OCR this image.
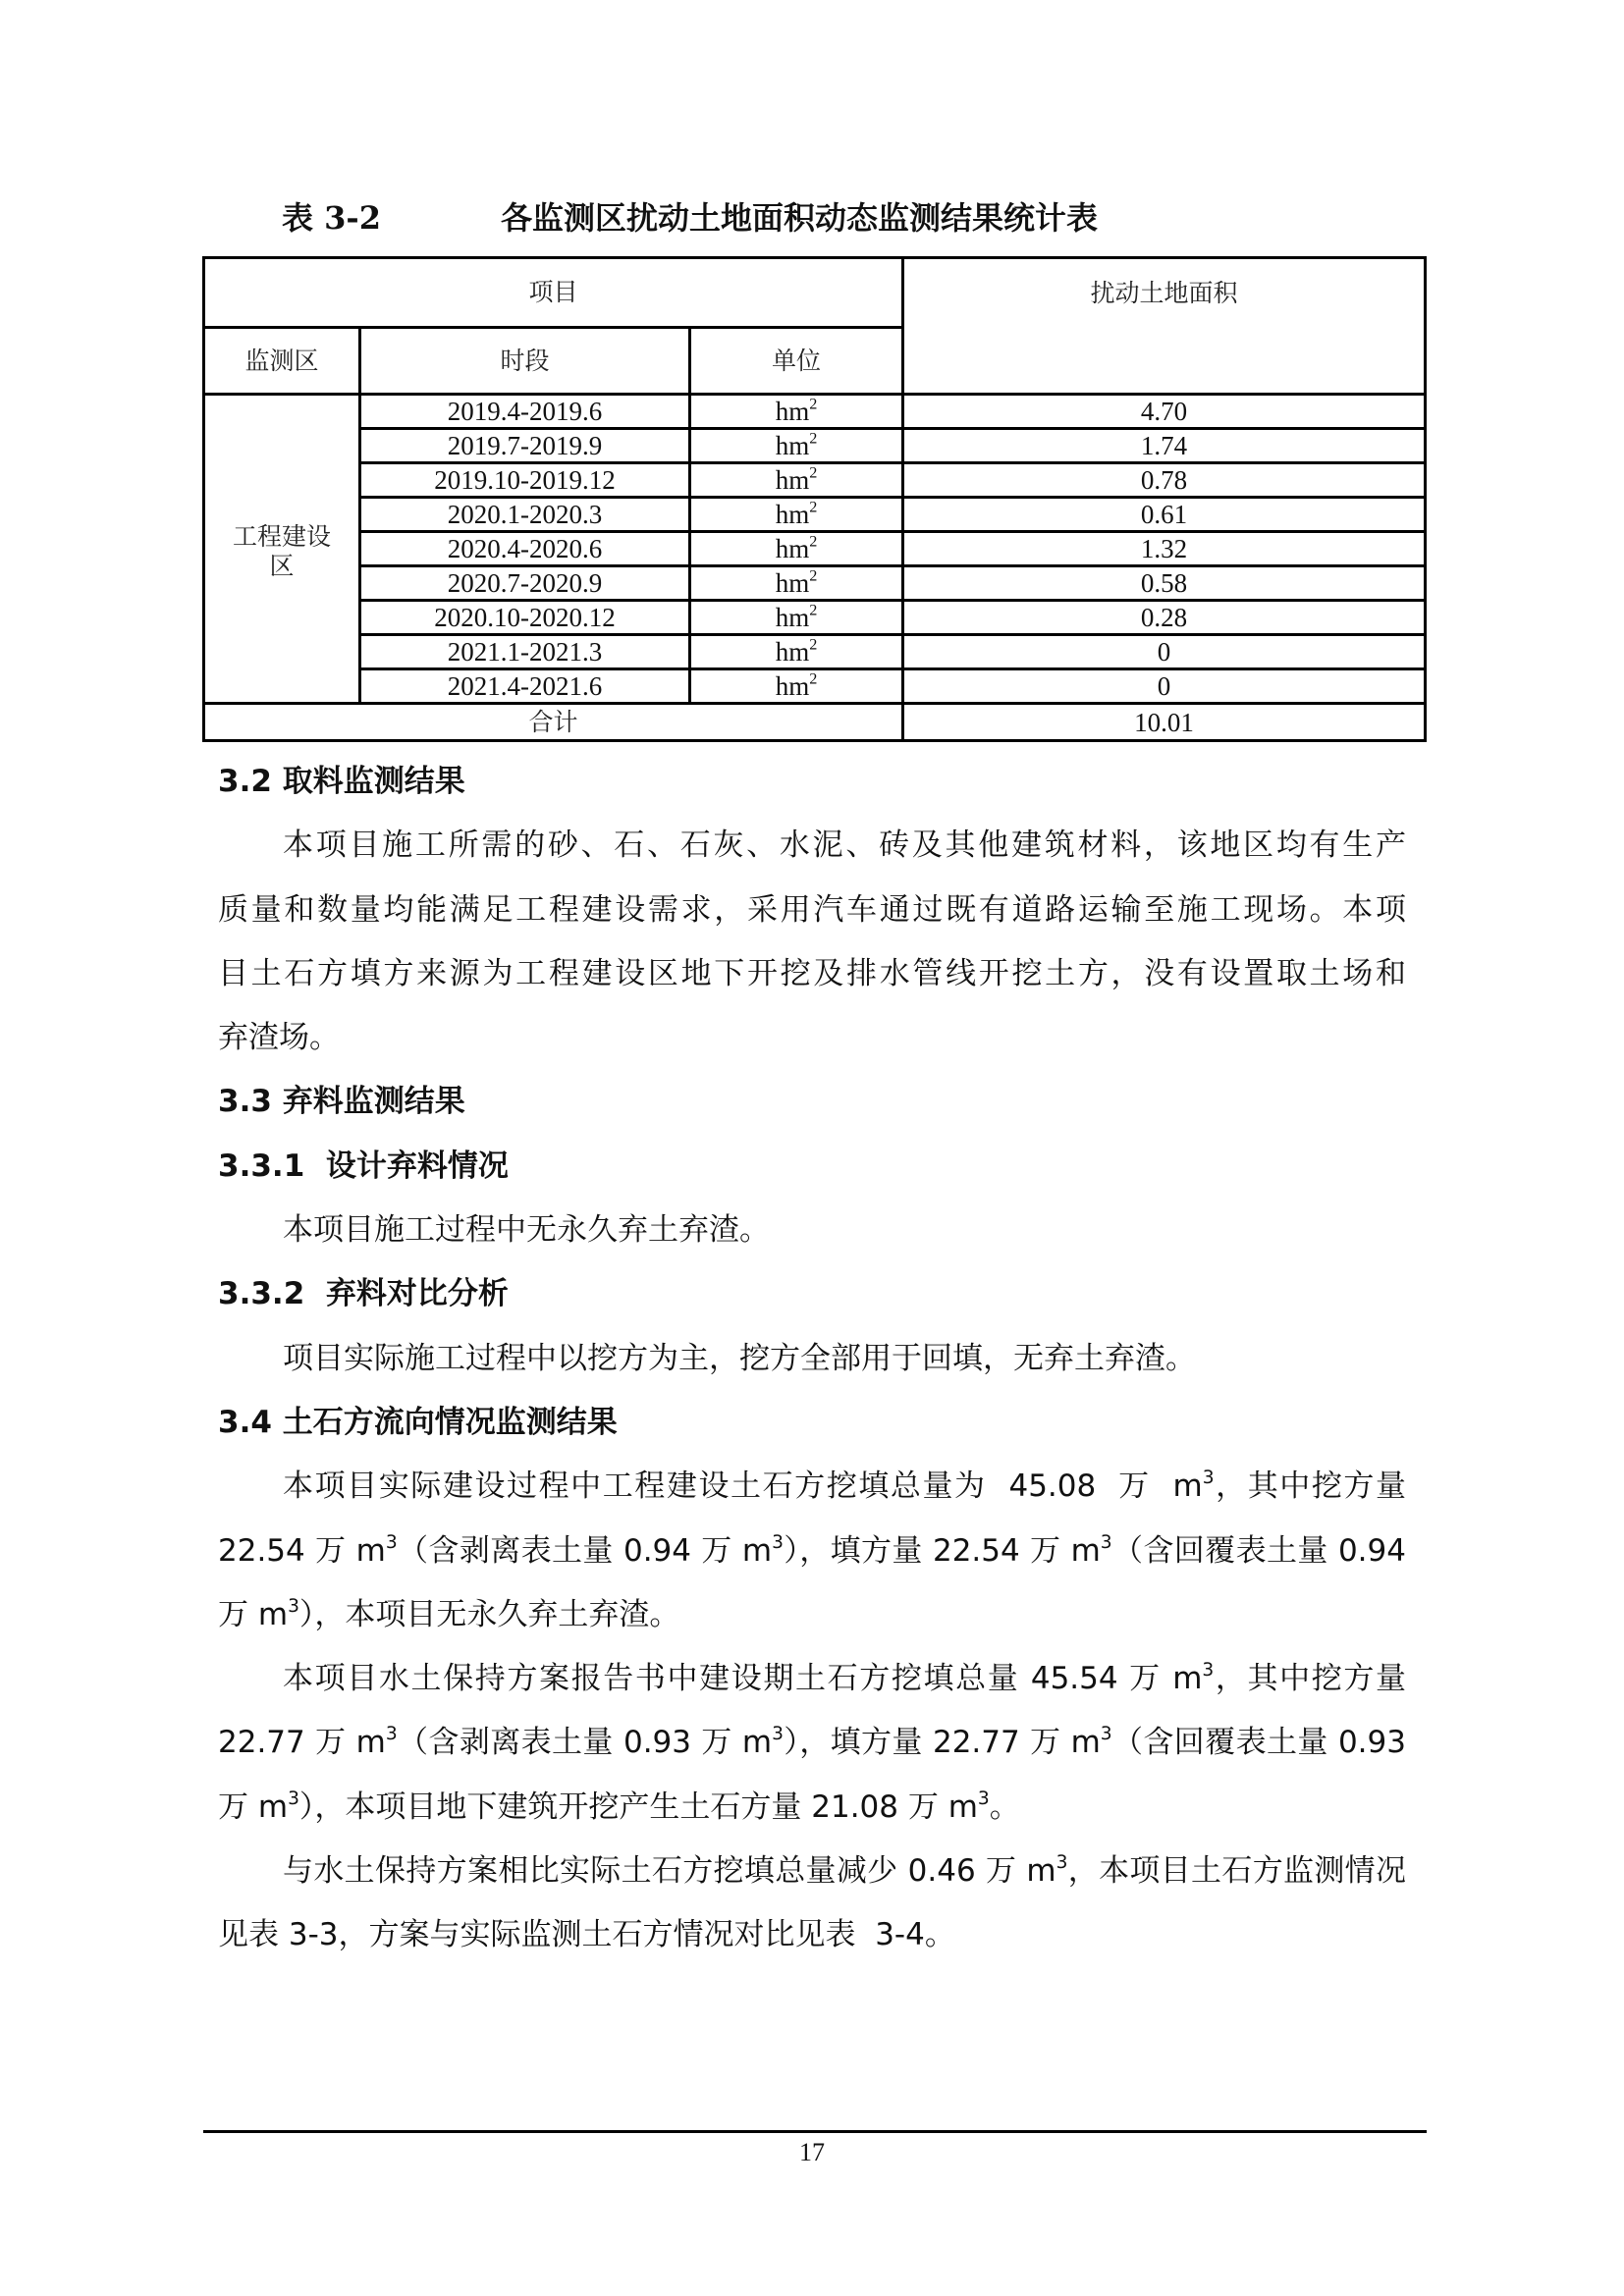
表 3-2	各监测区扰动土地面积动态监测结果统计表
项目			扰动土地面积
监测区	时段	单位	

工程建设
区	2019.4-2019.6	$hm^2$	4.70
	2019.7-2019.9	$hm^2$	1.74
	2019.10-2019.12	$hm^2$	0.78
	2020.1-2020.3	$hm^2$	0.61
	2020.4-2020.6	$hm^2$	1.32
	2020.7-2020.9	$hm^2$	0.58
	2020.10-2020.12	$hm^2$	0.28
	2021.1-2021.3	$hm^2$	0
	2021.4-2021.6	$hm^2$	0
合计			10.01
3.2 取料监测结果
本项目施工所需的砂、石、石灰、水泥、砖及其他建筑材料，该地区均有生产
质量和数量均能满足工程建设需求，采用汽车通过既有道路运输至施工现场。本项
目土石方填方来源为工程建设区地下开挖及排水管线开挖土方，没有设置取土场和
弃渣场。
3.3 弃料监测结果
3.3.1  设计弃料情况
本项目施工过程中无永久弃土弃渣。
3.3.2  弃料对比分析
项目实际施工过程中以挖方为主，挖方全部用于回填，无弃土弃渣。
3.4 土石方流向情况监测结果
本项目实际建设过程中工程建设土石方挖填总量为  45.08  万  $m^3$，其中挖方量
22.54 万 $m^3$（含剥离表土量 0.94 万 $m^3$），填方量 22.54 万 $m^3$（含回覆表土量 0.94
万 $m^3$），本项目无永久弃土弃渣。
本项目水土保持方案报告书中建设期土石方挖填总量 45.54 万 $m^3$，其中挖方量
22.77 万 $m^3$（含剥离表土量 0.93 万 $m^3$），填方量 22.77 万 $m^3$（含回覆表土量 0.93
万 $m^3$），本项目地下建筑开挖产生土石方量 21.08 万 $m^3$。
与水土保持方案相比实际土石方挖填总量减少 0.46 万 $m^3$，本项目土石方监测情况
见表 3-3，方案与实际监测土石方情况对比见表  3-4。
17
